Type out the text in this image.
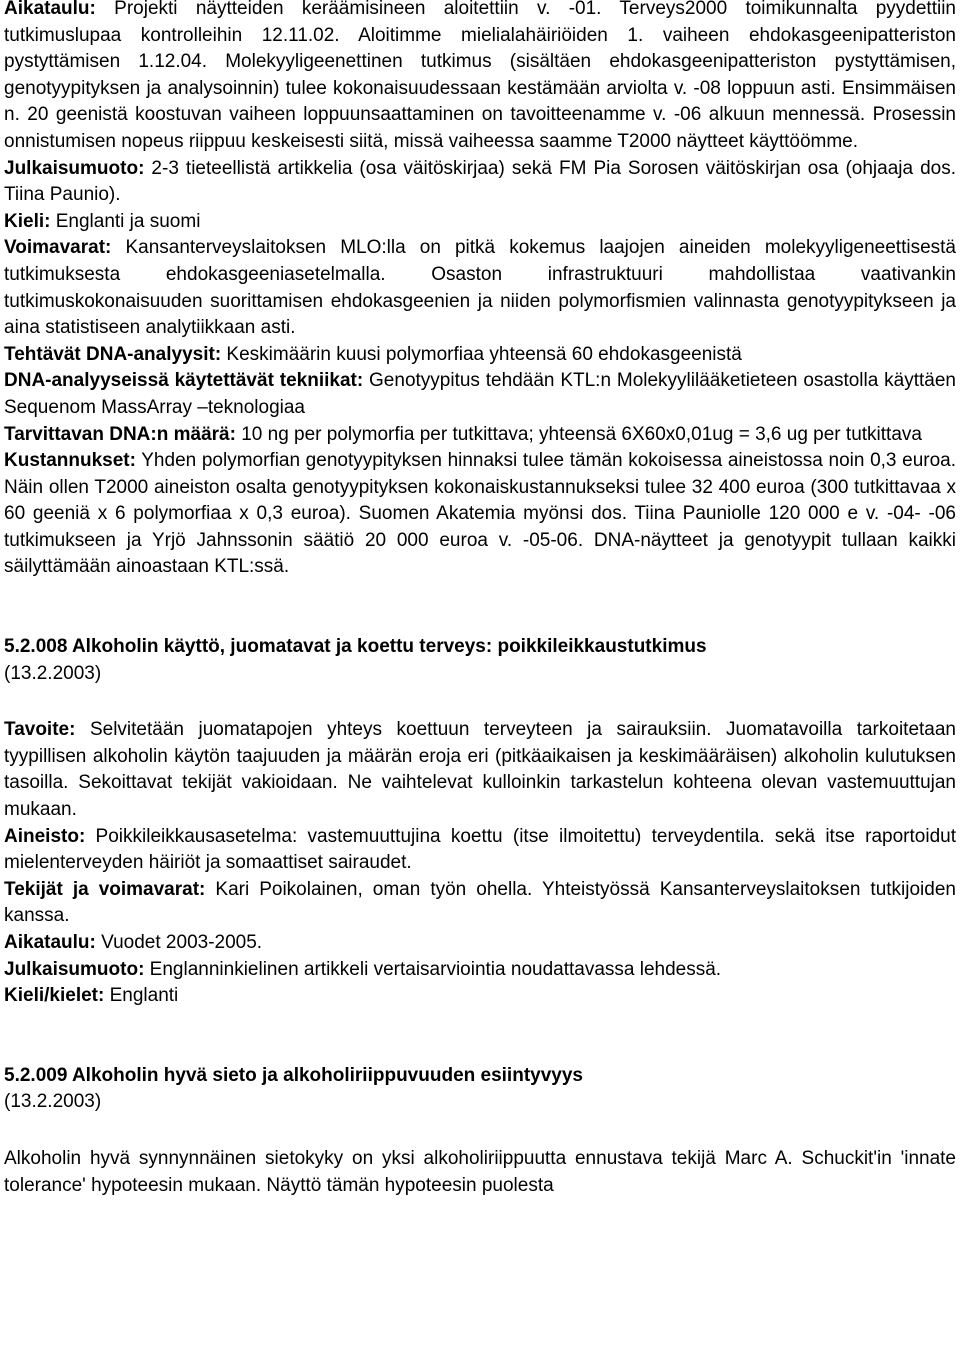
Aikataulu: Projekti näytteiden keräämisineen aloitettiin v. -01. Terveys2000 toimikunnalta pyydettiin tutkimuslupaa kontrolleihin 12.11.02. Aloitimme mielialahäiriöiden 1. vaiheen ehdokasgeenipatteriston pystyttämisen 1.12.04. Molekyyligeenettinen tutkimus (sisältäen ehdokasgeenipatteriston pystyttämisen, genotyypityksen ja analysoinnin) tulee kokonaisuudessaan kestämään arviolta v. -08 loppuun asti. Ensimmäisen n. 20 geenistä koostuvan vaiheen loppuunsaattaminen on tavoitteenamme v. -06 alkuun mennessä. Prosessin onnistumisen nopeus riippuu keskeisesti siitä, missä vaiheessa saamme T2000 näytteet käyttöömme.

Julkaisumuoto: 2-3 tieteellistä artikkelia (osa väitöskirjaa) sekä FM Pia Sorosen väitöskirjan osa (ohjaaja dos. Tiina Paunio).

Kieli: Englanti ja suomi

Voimavarat: Kansanterveyslaitoksen MLO:lla on pitkä kokemus laajojen aineiden molekyyligeneettisestä tutkimuksesta ehdokasgeeniasetelmalla. Osaston infrastruktuuri mahdollistaa vaativankin tutkimuskokonaisuuden suorittamisen ehdokasgeenien ja niiden polymorfismien valinnasta genotyypitykseen ja aina statistiseen analytiikkaan asti.

Tehtävät DNA-analyysit: Keskimäärin kuusi polymorfiaa yhteensä 60 ehdokasgeenistä

DNA-analyyseissä käytettävät tekniikat: Genotyypitus tehdään KTL:n Molekyylilääketieteen osastolla käyttäen Sequenom MassArray –teknologiaa

Tarvittavan DNA:n määrä: 10 ng per polymorfia per tutkittava; yhteensä 6X60x0,01ug = 3,6 ug per tutkittava

Kustannukset: Yhden polymorfian genotyypityksen hinnaksi tulee tämän kokoisessa aineistossa noin 0,3 euroa. Näin ollen T2000 aineiston osalta genotyypityksen kokonaiskustannukseksi tulee 32 400 euroa (300 tutkittavaa x 60 geeniä x 6 polymorfiaa x 0,3 euroa). Suomen Akatemia myönsi dos. Tiina Pauniolle 120 000 e v. -04- -06 tutkimukseen ja Yrjö Jahnssonin säätiö 20 000 euroa v. -05-06. DNA-näytteet ja genotyypit tullaan kaikki säilyttämään ainoastaan KTL:ssä.

5.2.008 Alkoholin käyttö, juomatavat ja koettu terveys: poikkileikkaustutkimus

(13.2.2003)

Tavoite: Selvitetään juomatapojen yhteys koettuun terveyteen ja sairauksiin. Juomatavoilla tarkoitetaan tyypillisen alkoholin käytön taajuuden ja määrän eroja eri (pitkäaikaisen ja keskimääräisen) alkoholin kulutuksen tasoilla. Sekoittavat tekijät vakioidaan. Ne vaihtelevat kulloinkin tarkastelun kohteena olevan vastemuuttujan mukaan.

Aineisto: Poikkileikkausasetelma: vastemuuttujina koettu (itse ilmoitettu) terveydentila. sekä itse raportoidut mielenterveyden häiriöt ja somaattiset sairaudet.

Tekijät ja voimavarat: Kari Poikolainen, oman työn ohella. Yhteistyössä Kansanterveyslaitoksen tutkijoiden kanssa.

Aikataulu: Vuodet 2003-2005.

Julkaisumuoto: Englanninkielinen artikkeli vertaisarviointia noudattavassa lehdessä.

Kieli/kielet: Englanti

5.2.009 Alkoholin hyvä sieto ja alkoholiriippuvuuden esiintyvyys

(13.2.2003)

Alkoholin hyvä synnynnäinen sietokyky on yksi alkoholiriippuutta ennustava tekijä Marc A. Schuckit'in 'innate tolerance' hypoteesin mukaan. Näyttö tämän hypoteesin puolesta
